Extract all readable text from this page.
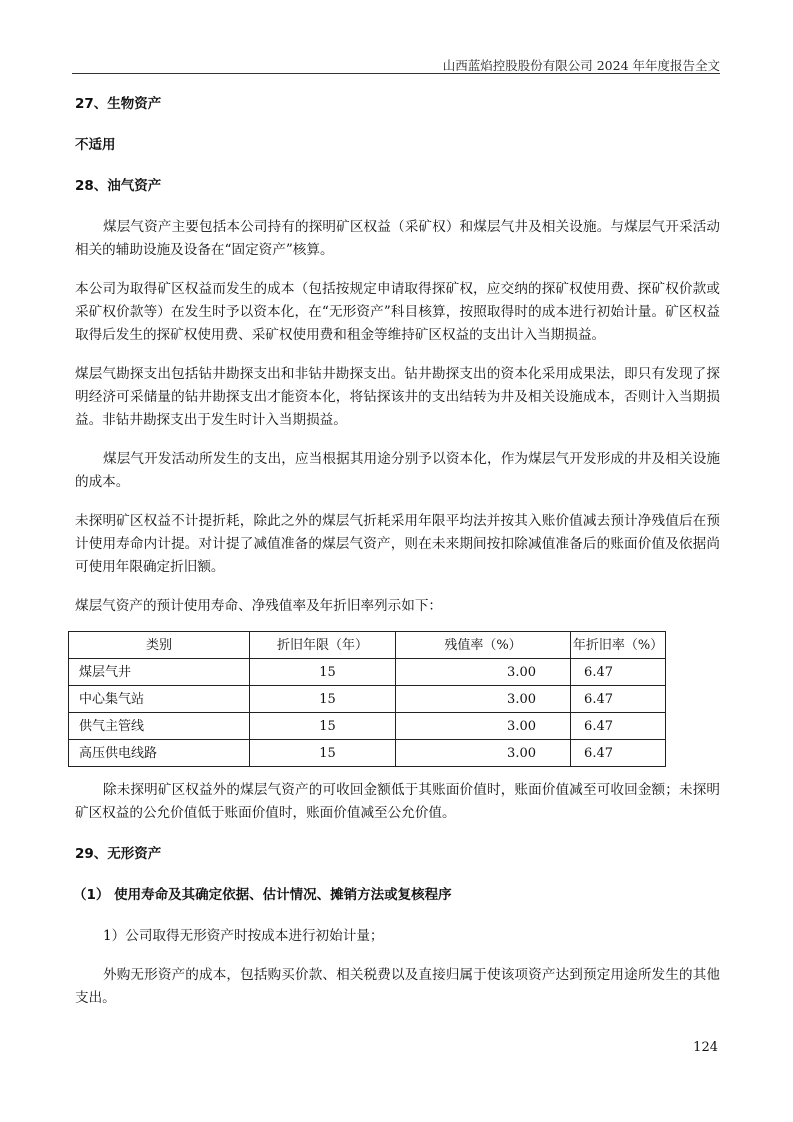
山西蓝焰控股股份有限公司 2024 年年度报告全文

27、生物资产

不适用

28、油气资产

煤层气资产主要包括本公司持有的探明矿区权益（采矿权）和煤层气井及相关设施。与煤层气开采活动相关的辅助设施及设备在“固定资产”核算。

本公司为取得矿区权益而发生的成本（包括按规定申请取得探矿权，应交纳的探矿权使用费、探矿权价款或采矿权价款等）在发生时予以资本化，在“无形资产”科目核算，按照取得时的成本进行初始计量。矿区权益取得后发生的探矿权使用费、采矿权使用费和租金等维持矿区权益的支出计入当期损益。

煤层气勘探支出包括钻井勘探支出和非钻井勘探支出。钻井勘探支出的资本化采用成果法，即只有发现了探明经济可采储量的钻井勘探支出才能资本化，将钻探该井的支出结转为井及相关设施成本，否则计入当期损益。非钻井勘探支出于发生时计入当期损益。

煤层气开发活动所发生的支出，应当根据其用途分别予以资本化，作为煤层气开发形成的井及相关设施的成本。

未探明矿区权益不计提折耗，除此之外的煤层气折耗采用年限平均法并按其入账价值减去预计净残值后在预计使用寿命内计提。对计提了减值准备的煤层气资产，则在未来期间按扣除减值准备后的账面价值及依据尚可使用年限确定折旧额。

煤层气资产的预计使用寿命、净残值率及年折旧率列示如下：

类别	折旧年限（年）	残值率（%）	年折旧率（%）
煤层气井	15	3.00	6.47
中心集气站	15	3.00	6.47
供气主管线	15	3.00	6.47
高压供电线路	15	3.00	6.47

除未探明矿区权益外的煤层气资产的可收回金额低于其账面价值时，账面价值减至可收回金额；未探明矿区权益的公允价值低于账面价值时，账面价值减至公允价值。

29、无形资产

（1） 使用寿命及其确定依据、估计情况、摊销方法或复核程序

1）公司取得无形资产时按成本进行初始计量；

外购无形资产的成本，包括购买价款、相关税费以及直接归属于使该项资产达到预定用途所发生的其他支出。

124
